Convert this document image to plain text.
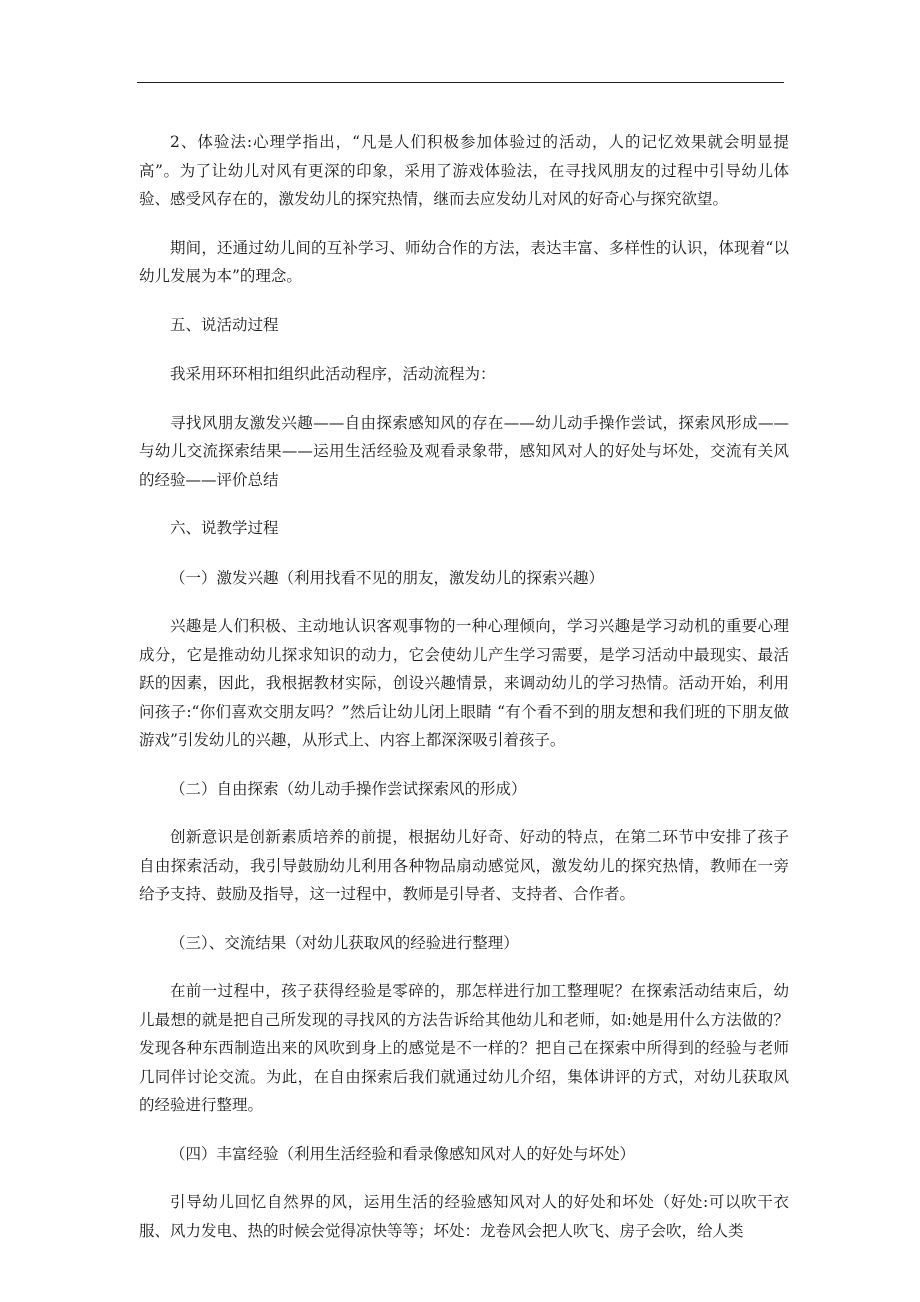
2、体验法:心理学指出，“凡是人们积极参加体验过的活动，人的记忆效果就会明显提高”。为了让幼儿对风有更深的印象，采用了游戏体验法，在寻找风朋友的过程中引导幼儿体验、感受风存在的，激发幼儿的探究热情，继而去应发幼儿对风的好奇心与探究欲望。

期间，还通过幼儿间的互补学习、师幼合作的方法，表达丰富、多样性的认识，体现着“以幼儿发展为本”的理念。

五、说活动过程

我采用环环相扣组织此活动程序，活动流程为：

寻找风朋友激发兴趣——自由探索感知风的存在——幼儿动手操作尝试，探索风形成——与幼儿交流探索结果——运用生活经验及观看录象带，感知风对人的好处与坏处，交流有关风的经验——评价总结

六、说教学过程

（一）激发兴趣（利用找看不见的朋友，激发幼儿的探索兴趣）

兴趣是人们积极、主动地认识客观事物的一种心理倾向，学习兴趣是学习动机的重要心理成分，它是推动幼儿探求知识的动力，它会使幼儿产生学习需要，是学习活动中最现实、最活跃的因素，因此，我根据教材实际，创设兴趣情景，来调动幼儿的学习热情。活动开始，利用问孩子:“你们喜欢交朋友吗？”然后让幼儿闭上眼睛 “有个看不到的朋友想和我们班的下朋友做游戏”引发幼儿的兴趣，从形式上、内容上都深深吸引着孩子。

（二）自由探索（幼儿动手操作尝试探索风的形成）

创新意识是创新素质培养的前提，根据幼儿好奇、好动的特点，在第二环节中安排了孩子自由探索活动，我引导鼓励幼儿利用各种物品扇动感觉风，激发幼儿的探究热情，教师在一旁给予支持、鼓励及指导，这一过程中，教师是引导者、支持者、合作者。

（三）、交流结果（对幼儿获取风的经验进行整理）

在前一过程中，孩子获得经验是零碎的，那怎样进行加工整理呢？在探索活动结束后，幼儿最想的就是把自己所发现的寻找风的方法告诉给其他幼儿和老师，如:她是用什么方法做的？发现各种东西制造出来的风吹到身上的感觉是不一样的？把自己在探索中所得到的经验与老师几同伴讨论交流。为此，在自由探索后我们就通过幼儿介绍，集体讲评的方式，对幼儿获取风的经验进行整理。

（四）丰富经验（利用生活经验和看录像感知风对人的好处与坏处）

引导幼儿回忆自然界的风，运用生活的经验感知风对人的好处和坏处（好处:可以吹干衣服、风力发电、热的时候会觉得凉快等等；坏处：龙卷风会把人吹飞、房子会吹，给人类
